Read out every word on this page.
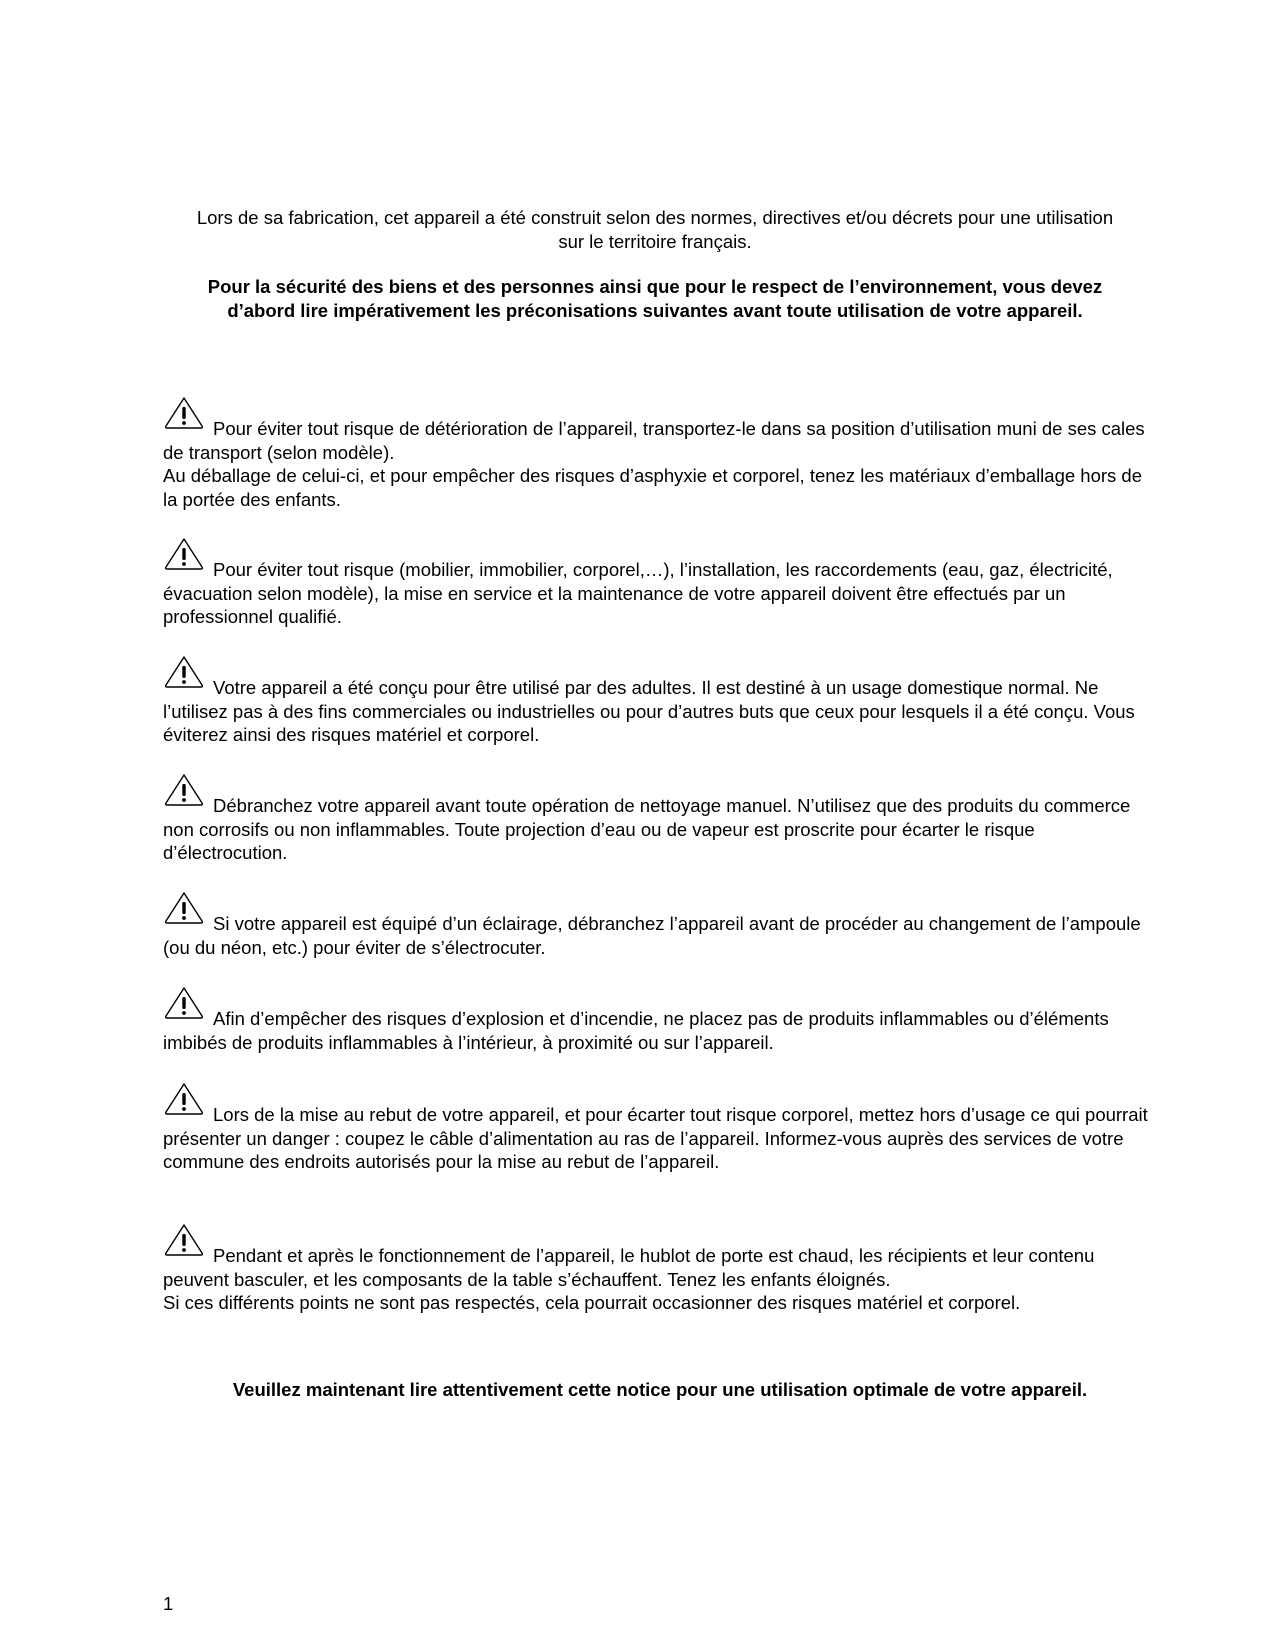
Lors de sa fabrication, cet appareil a été construit selon des normes, directives et/ou décrets pour une utilisation sur le territoire français.

Pour la sécurité des biens et des personnes ainsi que pour le respect de l’environnement, vous devez d’abord lire impérativement les préconisations suivantes avant toute utilisation de votre appareil.

Pour éviter tout risque de détérioration de l’appareil, transportez-le dans sa position d’utilisation muni de ses cales de transport (selon modèle).

Au déballage de celui-ci, et pour empêcher des risques d’asphyxie et corporel, tenez les matériaux d’emballage hors de la portée des enfants.

Pour éviter tout risque (mobilier, immobilier, corporel,…), l’installation, les raccordements (eau, gaz, électricité, évacuation selon modèle), la mise en service et la maintenance de votre appareil doivent être effectués par un professionnel qualifié.

Votre appareil a été conçu pour être utilisé par des adultes. Il est destiné à un usage domestique normal. Ne l’utilisez pas à des fins commerciales ou industrielles ou pour d’autres buts que ceux pour lesquels il a été conçu. Vous éviterez ainsi des risques matériel et corporel.

Débranchez votre appareil avant toute opération de nettoyage manuel. N’utilisez que des produits du commerce non corrosifs ou non inflammables. Toute projection d’eau ou de vapeur est proscrite pour écarter le risque d’électrocution.

Si votre appareil est équipé d’un éclairage, débranchez l’appareil avant de procéder au changement de l’ampoule (ou du néon, etc.) pour éviter de s’électrocuter.

Afin d’empêcher des risques d’explosion et d’incendie, ne placez pas de produits inflammables ou d’éléments imbibés de produits inflammables à l’intérieur, à proximité ou sur l’appareil.

Lors de la mise au rebut de votre appareil, et pour écarter tout risque corporel, mettez hors d’usage ce qui pourrait présenter un danger : coupez le câble d’alimentation au ras de l’appareil. Informez-vous auprès des services de votre commune des endroits autorisés pour la mise au rebut de l’appareil.

Pendant et après le fonctionnement de l’appareil, le hublot de porte est chaud, les récipients et leur contenu peuvent basculer, et les composants de la table s’échauffent. Tenez les enfants éloignés.

Si ces différents points ne sont pas respectés, cela pourrait occasionner des risques matériel et corporel.

Veuillez maintenant lire attentivement cette notice pour une utilisation optimale de votre appareil.

1
